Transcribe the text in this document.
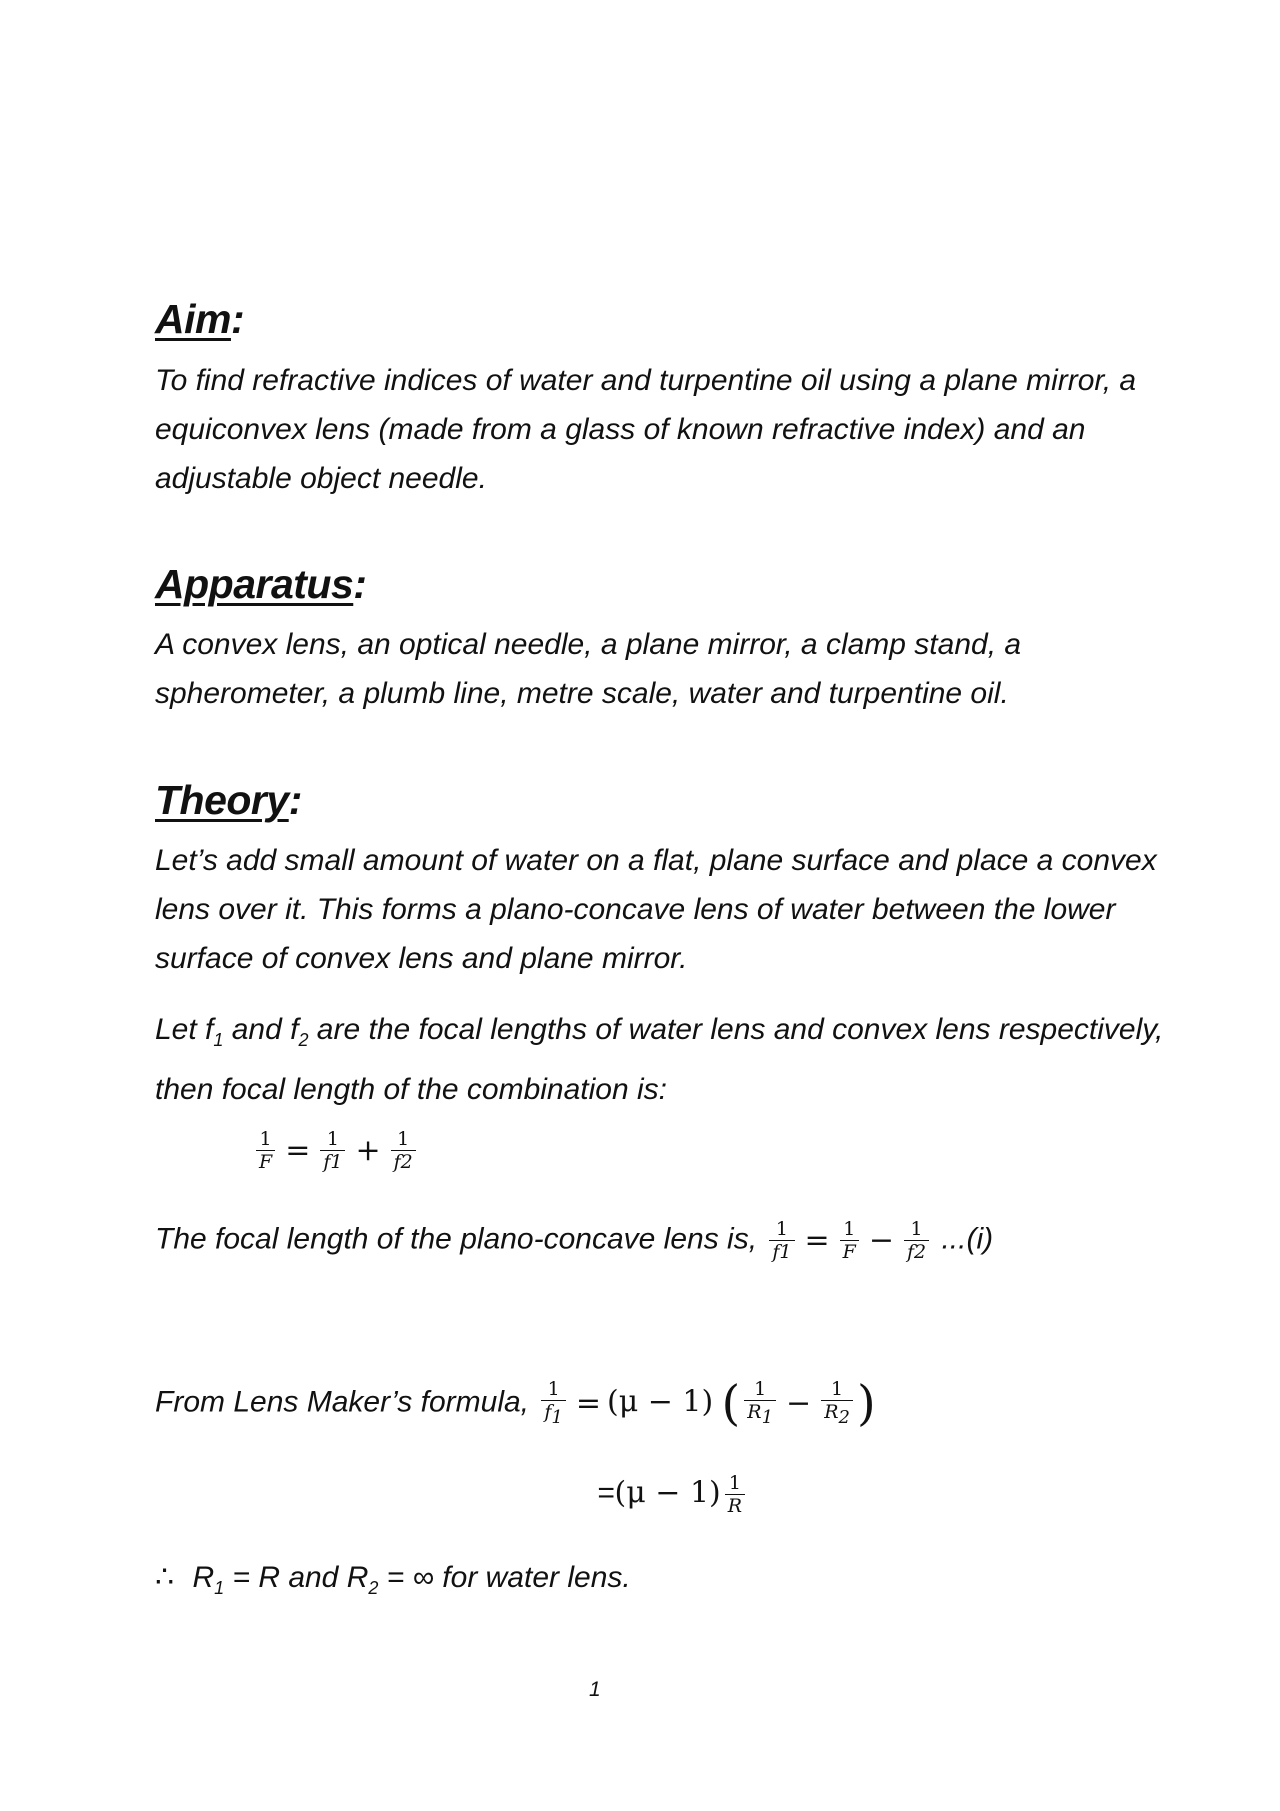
Aim:

To find refractive indices of water and turpentine oil using a plane mirror, a equiconvex lens (made from a glass of known refractive index) and an adjustable object needle.

Apparatus:

A convex lens, an optical needle, a plane mirror, a clamp stand, a spherometer, a plumb line, metre scale, water and turpentine oil.

Theory:

Let’s add small amount of water on a flat, plane surface and place a convex lens over it. This forms a plano-concave lens of water between the lower surface of convex lens and plane mirror.

Let $f_1$ and $f_2$ are the focal lengths of water lens and convex lens respectively, then focal length of the combination is:

$\frac{1}{F} = \frac{1}{f1} + \frac{1}{f2}$
The focal length of the plano-concave lens is, $\frac{1}{f1} = \frac{1}{F} - \frac{1}{f2} ...(i)$
From Lens Maker’s formula, $\frac{1}{f_1} = (\mu - 1)$ ( $\frac{1}{R_1} - \frac{1}{R_2}$ )
$=(\mu - 1) \frac{1}{R}$
∴ $R_1 = R$ and $R_2$ = ∞ for water lens.
1
